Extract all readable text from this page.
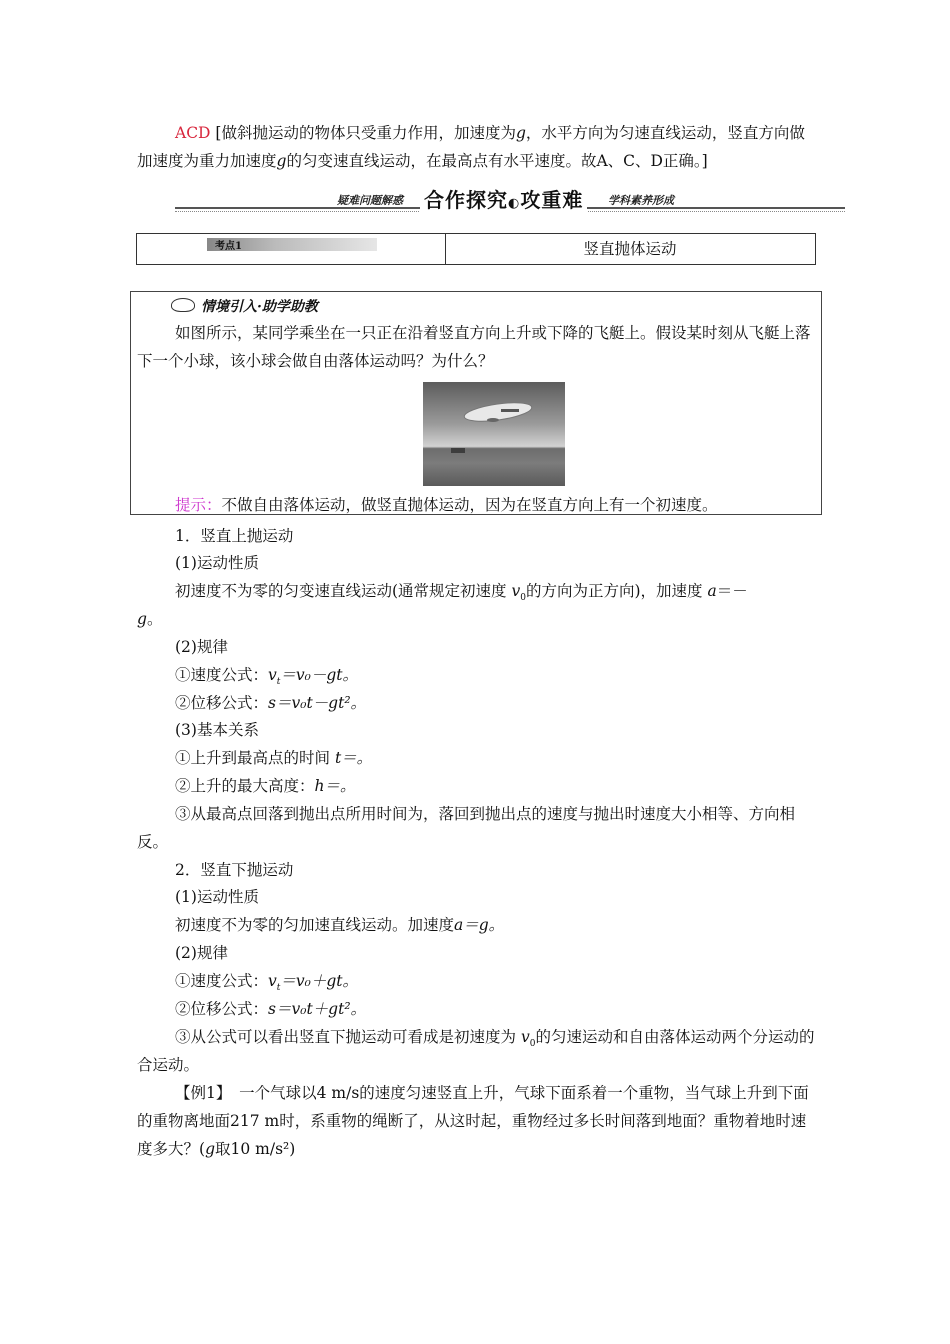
ACD [做斜抛运动的物体只受重力作用，加速度为g，水平方向为匀速直线运动，竖直方向做加速度为重力加速度g的匀变速直线运动，在最高点有水平速度。故A、C、D正确。]

疑难问题解惑 合作探究◐攻重难	学科素养形成
考点1	竖直抛体运动
情境引入·助学助教

如图所示，某同学乘坐在一只正在沿着竖直方向上升或下降的飞艇上。假设某时刻从飞艇上落下一个小球，该小球会做自由落体运动吗？为什么？

提示：不做自由落体运动，做竖直抛体运动，因为在竖直方向上有一个初速度。

1．竖直上抛运动

(1)运动性质

初速度不为零的匀变速直线运动(通常规定初速度 $v_0$的方向为正方向)，加速度 a＝－
g。

(2)规律

①速度公式：$v_t=v_0-gt$。

②位移公式：s＝v₀t－gt²。

(3)基本关系

①上升到最高点的时间 t＝。

②上升的最大高度：h＝。

③从最高点回落到抛出点所用时间为，落回到抛出点的速度与抛出时速度大小相等、方向相反。

2．竖直下抛运动

(1)运动性质

初速度不为零的匀加速直线运动。加速度a＝g。

(2)规律

①速度公式：$v_t=v_0+gt$。

②位移公式：s＝v₀t＋gt²。

③从公式可以看出竖直下抛运动可看成是初速度为 $v_0$的匀速运动和自由落体运动两个分运动的合运动。

【例1】　一个气球以4 m/s的速度匀速竖直上升，气球下面系着一个重物，当气球上升到下面的重物离地面217 m时，系重物的绳断了，从这时起，重物经过多长时间落到地面？重物着地时速度多大？(g取10 m/s²)
